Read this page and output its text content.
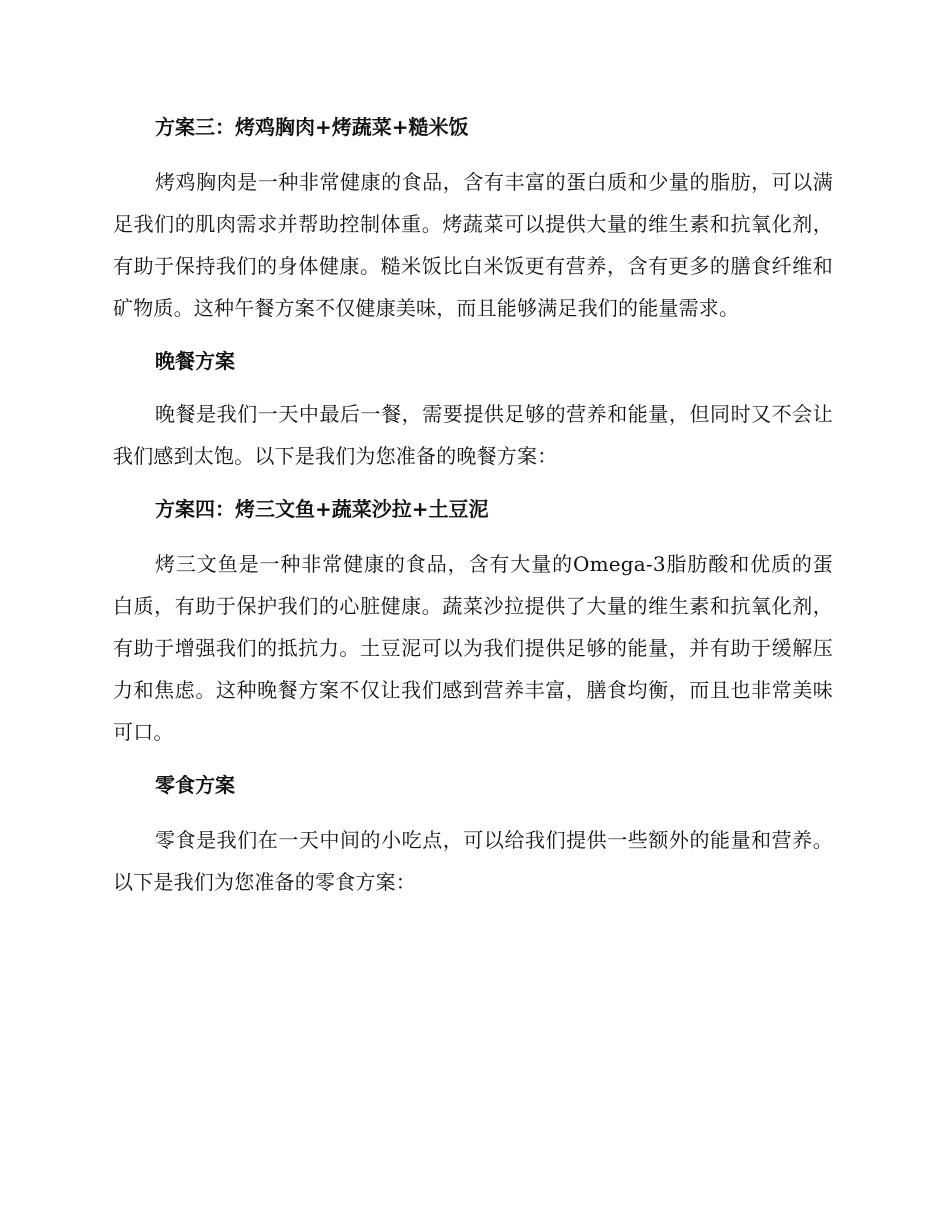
方案三：烤鸡胸肉+烤蔬菜+糙米饭

烤鸡胸肉是一种非常健康的食品，含有丰富的蛋白质和少量的脂肪，可以满足我们的肌肉需求并帮助控制体重。烤蔬菜可以提供大量的维生素和抗氧化剂，有助于保持我们的身体健康。糙米饭比白米饭更有营养，含有更多的膳食纤维和矿物质。这种午餐方案不仅健康美味，而且能够满足我们的能量需求。

晚餐方案

晚餐是我们一天中最后一餐，需要提供足够的营养和能量，但同时又不会让我们感到太饱。以下是我们为您准备的晚餐方案：

方案四：烤三文鱼+蔬菜沙拉+土豆泥

烤三文鱼是一种非常健康的食品，含有大量的Omega-3脂肪酸和优质的蛋白质，有助于保护我们的心脏健康。蔬菜沙拉提供了大量的维生素和抗氧化剂，有助于增强我们的抵抗力。土豆泥可以为我们提供足够的能量，并有助于缓解压力和焦虑。这种晚餐方案不仅让我们感到营养丰富，膳食均衡，而且也非常美味可口。

零食方案

零食是我们在一天中间的小吃点，可以给我们提供一些额外的能量和营养。以下是我们为您准备的零食方案：
